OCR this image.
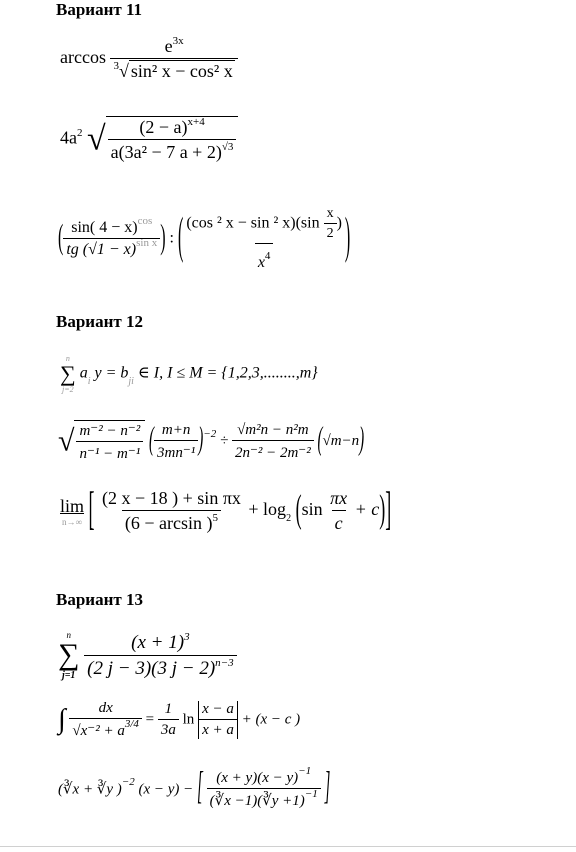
Вариант 11
$\arccos \frac{e^{3x}}{^3√ \sin^2 x - \cos^2 x}$
$4a^2$ √ $\frac{(2 - a)^{x+4}}{a(3a^2 - 7 a + 2)^{√3}}$
( $\frac{\sin( 4 - x)^{cos}}{tg (√1 - x)^{sin x}}$ ) : ( $\frac{(\cos ^2 x - \sin ^2 x)(\sin \frac{x}{2} )}{x^4}$ )
Вариант 12
n
∑
j=2
$a_i$ $y = b_{ji}$ ∈ I, I ≤ M = {1,2,3,........,m}
√ $\frac{\text{m⁻² − n⁻²}}{\text{n⁻¹ − m⁻¹}}$ ( $\frac{m+n}{\text{3mn⁻¹}} )^{-2} \div \frac{\text{√m²n − n²m}}{\text{2n⁻² − 2m⁻²}} (√m-n)$
lim
n→∞ [ $\frac{\text{(2 x − 18 ) + sin πx}}{(6 - \arcsin )^5} + \log_2 (\sin \frac{\pi x}{c} + c)$]
Вариант 13
n
∑
j=1
$\frac{(x + 1)^3}{(2 j - 3)(3 j - 2)^{n-3}}$
∫ $\frac{dx}{√x^{-2} + a^{3/4}} = \frac{1}{3a}$ $\ln \frac{x - a}{x + a} + (x - c$ )
(∛x + ∛y )$^{-2}$ (x − y) − [ $\frac{(x + y)(x - y)^{-1}}{(∛x -1)(∛y +1)^{-1}}$ ]
